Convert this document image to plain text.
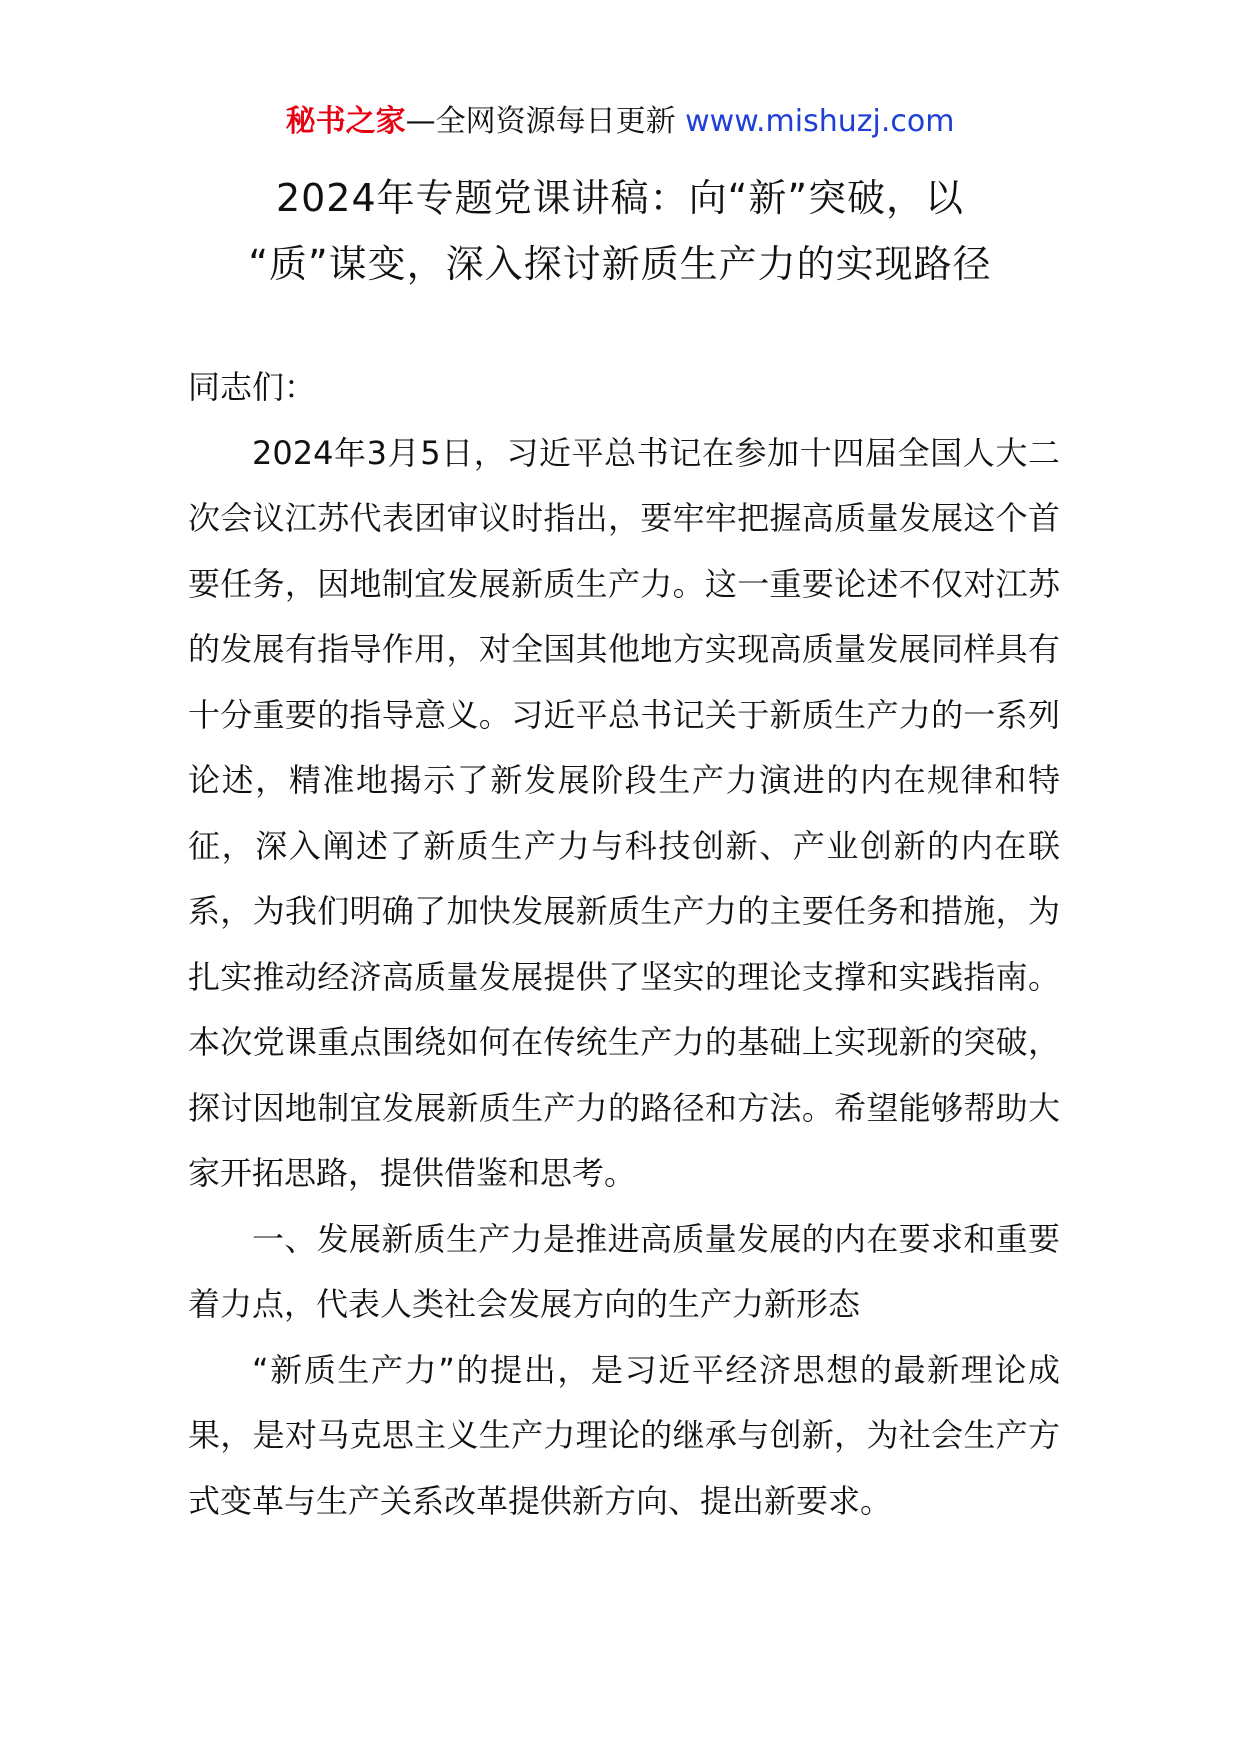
秘书之家—全网资源每日更新 www.mishuzj.com
2024年专题党课讲稿：向“新”突破，以
“质”谋变，深入探讨新质生产力的实现路径

同志们：

2024年3月5日，习近平总书记在参加十四届全国人大二次会议江苏代表团审议时指出，要牢牢把握高质量发展这个首要任务，因地制宜发展新质生产力。这一重要论述不仅对江苏的发展有指导作用，对全国其他地方实现高质量发展同样具有十分重要的指导意义。习近平总书记关于新质生产力的一系列论述，精准地揭示了新发展阶段生产力演进的内在规律和特征，深入阐述了新质生产力与科技创新、产业创新的内在联系，为我们明确了加快发展新质生产力的主要任务和措施，为扎实推动经济高质量发展提供了坚实的理论支撑和实践指南。本次党课重点围绕如何在传统生产力的基础上实现新的突破，探讨因地制宜发展新质生产力的路径和方法。希望能够帮助大家开拓思路，提供借鉴和思考。

一、发展新质生产力是推进高质量发展的内在要求和重要着力点，代表人类社会发展方向的生产力新形态

“新质生产力”的提出，是习近平经济思想的最新理论成果，是对马克思主义生产力理论的继承与创新，为社会生产方式变革与生产关系改革提供新方向、提出新要求。
